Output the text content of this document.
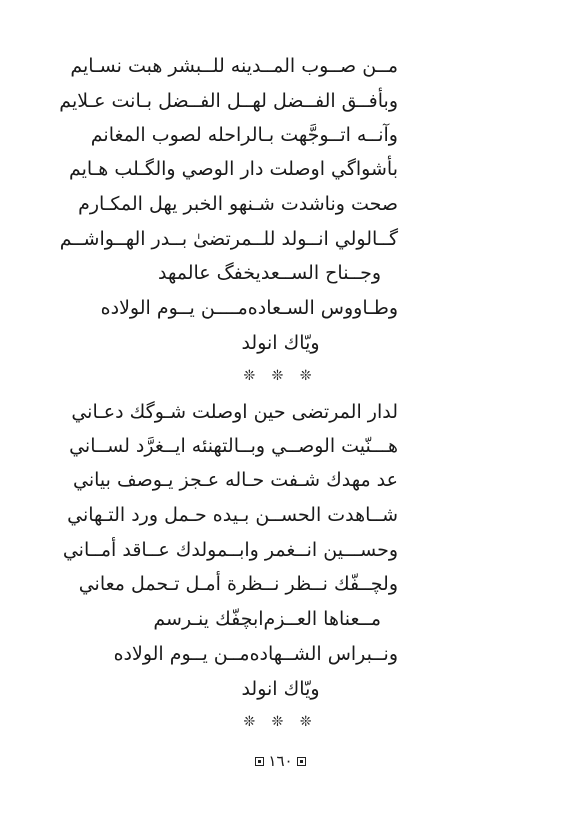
مــن صــوب المــدينه للــبشر هبت نسـايم
وبأفــق الفــضل لهــل الفــضل بـانت عـلايم
وآنــه اتــوجَّهت بـالراحله لصوب المغانم
بأشواگي اوصلت دار الوصي والگـلب هـايم
صحت وناشدت شـنهو الخبر يهل المكـارم
گــالولي انــولد للــمرتضىٰ بــدر الهــواشــم
وجــناح الســعد
يخفگ عالمهد
وطـاووس السـعاده
مــــن يــوم الولاده
ويّاك انولد
❊ ❊ ❊
لدار المرتضى حين اوصلت شـوگك دعـاني
هـــنّيت الوصــي وبــالتهنئه ايــغرَّد لســاني
عد مهدك شـفت حـاله عـجز يـوصف بياني
شــاهدت الحســن بـيده حـمل ورد التـهاني
وحســـين انــغمر وابــمولدك عــاقد أمــاني
ولچــفّك نــظر نــظرة أمـل تـحمل معاني
مــعناها العــزم
ابچفّك ينـرسم
ونــبراس الشــهاده
مــن يــوم الولاده
ويّاك انولد
❊ ❊ ❊
١٦٠
